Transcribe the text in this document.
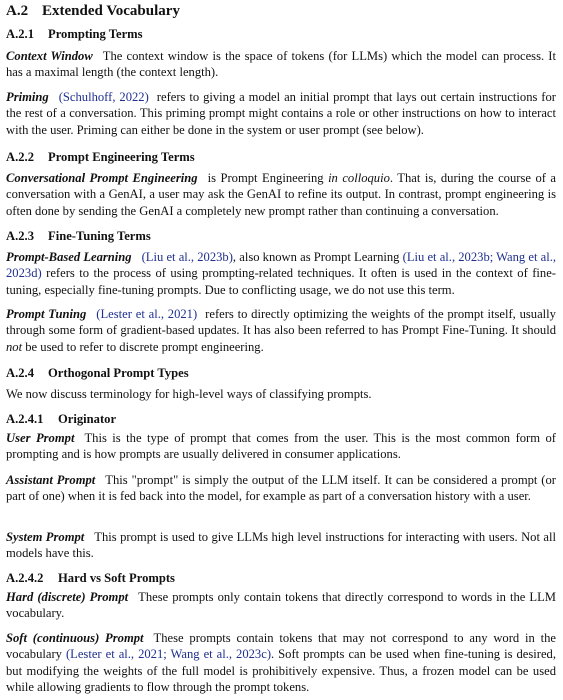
A.2 Extended Vocabulary
A.2.1 Prompting Terms

Context Window The context window is the space of tokens (for LLMs) which the model can process. It has a maximal length (the context length).

Priming (Schulhoff, 2022) refers to giving a model an initial prompt that lays out certain instructions for the rest of a conversation. This priming prompt might contains a role or other instructions on how to interact with the user. Priming can either be done in the system or user prompt (see below).

A.2.2 Prompt Engineering Terms

Conversational Prompt Engineering is Prompt Engineering in colloquio. That is, during the course of a conversation with a GenAI, a user may ask the GenAI to refine its output. In contrast, prompt engineering is often done by sending the GenAI a completely new prompt rather than continuing a conversation.

A.2.3 Fine-Tuning Terms

Prompt-Based Learning (Liu et al., 2023b), also known as Prompt Learning (Liu et al., 2023b; Wang et al., 2023d) refers to the process of using prompting-related techniques. It often is used in the context of fine-tuning, especially fine-tuning prompts. Due to conflicting usage, we do not use this term.

Prompt Tuning (Lester et al., 2021) refers to directly optimizing the weights of the prompt itself, usually through some form of gradient-based updates. It has also been referred to has Prompt Fine-Tuning. It should not be used to refer to discrete prompt engineering.

A.2.4 Orthogonal Prompt Types

We now discuss terminology for high-level ways of classifying prompts.

A.2.4.1 Originator

User Prompt This is the type of prompt that comes from the user. This is the most common form of prompting and is how prompts are usually delivered in consumer applications.

Assistant Prompt This "prompt" is simply the output of the LLM itself. It can be considered a prompt (or part of one) when it is fed back into the model, for example as part of a conversation history with a user.

System Prompt This prompt is used to give LLMs high level instructions for interacting with users. Not all models have this.

A.2.4.2 Hard vs Soft Prompts

Hard (discrete) Prompt These prompts only contain tokens that directly correspond to words in the LLM vocabulary.

Soft (continuous) Prompt These prompts contain tokens that may not correspond to any word in the vocabulary (Lester et al., 2021; Wang et al., 2023c). Soft prompts can be used when fine-tuning is desired, but modifying the weights of the full model is prohibitively expensive. Thus, a frozen model can be used while allowing gradients to flow through the prompt tokens.
